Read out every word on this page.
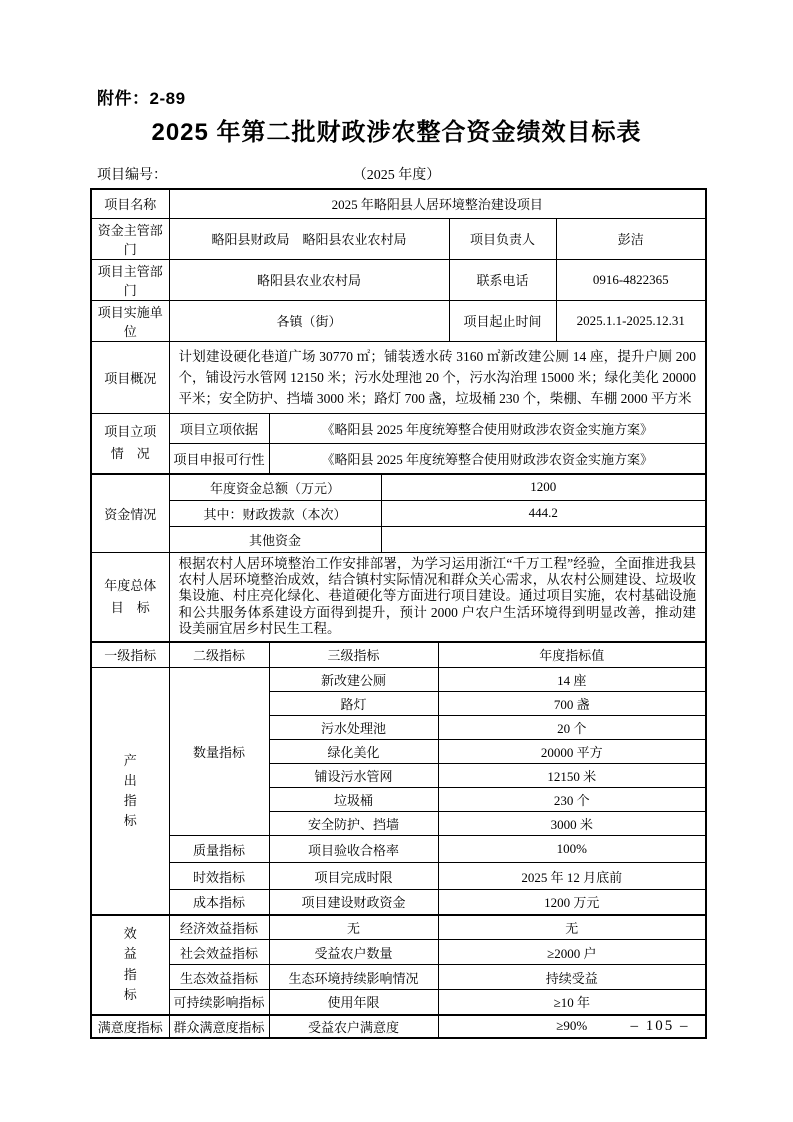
附件：2-89
2025 年第二批财政涉农整合资金绩效目标表
项目编号：	（2025 年度）
项目名称	2025 年略阳县人居环境整治建设项目					
资金主管部门	略阳县财政局　略阳县农业农村局				项目负责人	彭洁
项目主管部门	略阳县农业农村局				联系电话	0916-4822365
项目实施单位	各镇（街）				项目起止时间	2025.1.1-2025.12.31
项目概况	计划建设硬化巷道广场 30770 ㎡；铺装透水砖 3160 ㎡新改建公厕 14 座，提升户厕 200 个，铺设污水管网 12150 米；污水处理池 20 个，污水沟治理 15000 米；绿化美化 20000 平米；安全防护、挡墙 3000 米；路灯 700 盏，垃圾桶 230 个，柴棚、车棚 2000 平方米					

项目立项
情　况	项目立项依据	《略阳县 2025 年度统筹整合使用财政涉农资金实施方案》				
	项目申报可行性	《略阳县 2025 年度统筹整合使用财政涉农资金实施方案》				
资金情况	年度资金总额（万元）		1200			
	其中：财政拨款（本次）		444.2			
	其他资金					

年度总体
目　标	根据农村人居环境整治工作安排部署，为学习运用浙江“千万工程”经验，全面推进我县农村人居环境整治成效，结合镇村实际情况和群众关心需求，从农村公厕建设、垃圾收集设施、村庄亮化绿化、巷道硬化等方面进行项目建设。通过项目实施，农村基础设施和公共服务体系建设方面得到提升，预计 2000 户农户生活环境得到明显改善，推动建设美丽宜居乡村民生工程。					
一级指标	二级指标	三级指标		年度指标值		

产出指标	数量指标	新改建公厕		14 座		
		路灯		700 盏		
		污水处理池		20 个		
		绿化美化		20000 平方		
		铺设污水管网		12150 米		
		垃圾桶		230 个		
		安全防护、挡墙		3000 米		
	质量指标	项目验收合格率		100%		
	时效指标	项目完成时限		2025 年 12 月底前		
	成本指标	项目建设财政资金		1200 万元		

效益指标	经济效益指标	无		无		
	社会效益指标	受益农户数量		≥2000 户		
	生态效益指标	生态环境持续影响情况		持续受益		
	可持续影响指标	使用年限		≥10 年		
满意度指标	群众满意度指标	受益农户满意度		≥90%			– 105 –
